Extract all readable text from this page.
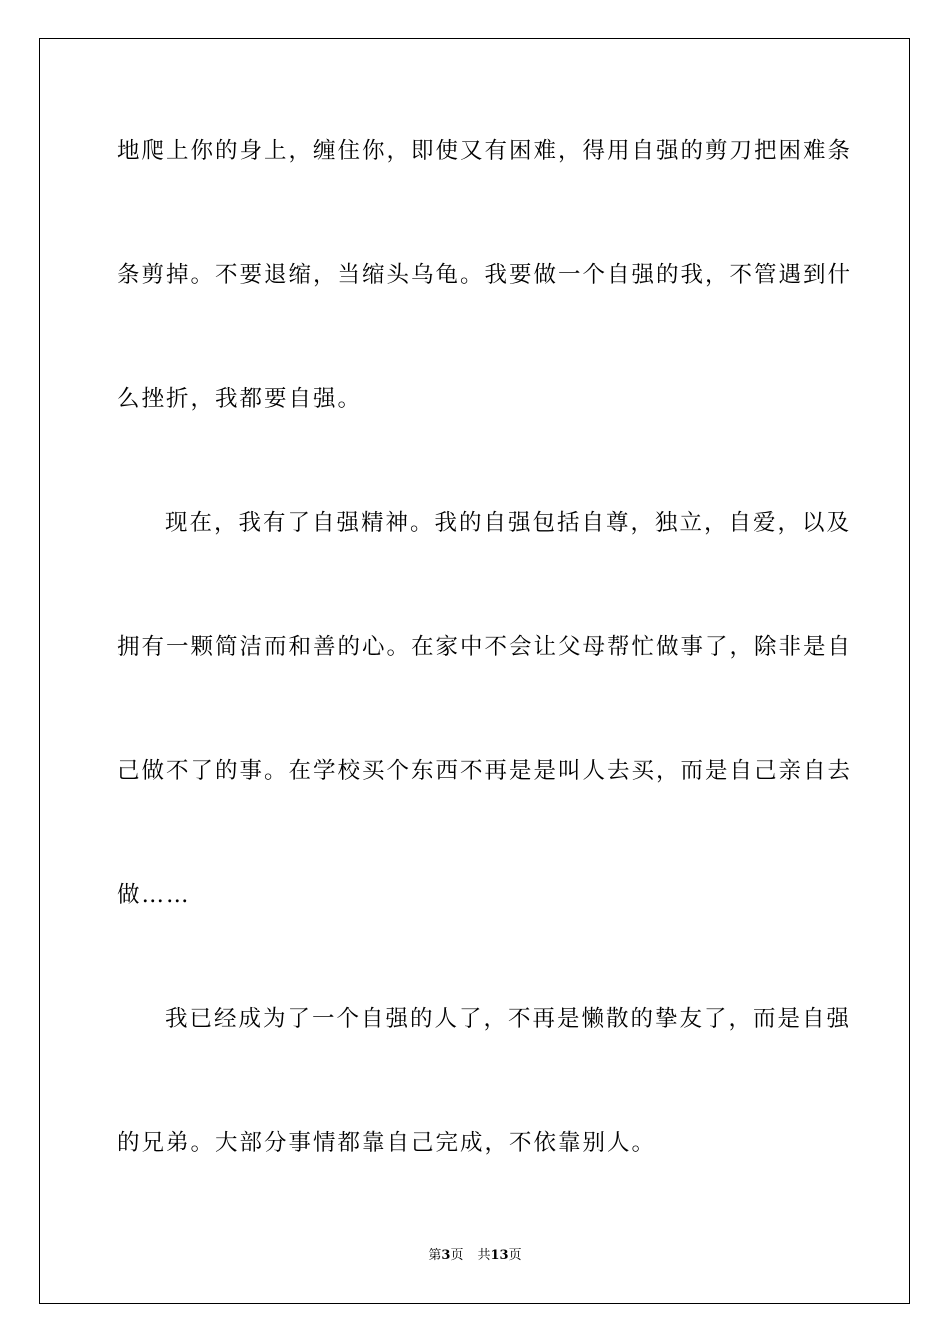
地爬上你的身上，缠住你，即使又有困难，得用自强的剪刀把困难条
条剪掉。不要退缩，当缩头乌龟。我要做一个自强的我，不管遇到什
么挫折，我都要自强。
现在，我有了自强精神。我的自强包括自尊，独立，自爱，以及
拥有一颗简洁而和善的心。在家中不会让父母帮忙做事了，除非是自
己做不了的事。在学校买个东西不再是是叫人去买，而是自己亲自去
做……
我已经成为了一个自强的人了，不再是懒散的挚友了，而是自强
的兄弟。大部分事情都靠自己完成，不依靠别人。
第3页 共13页
